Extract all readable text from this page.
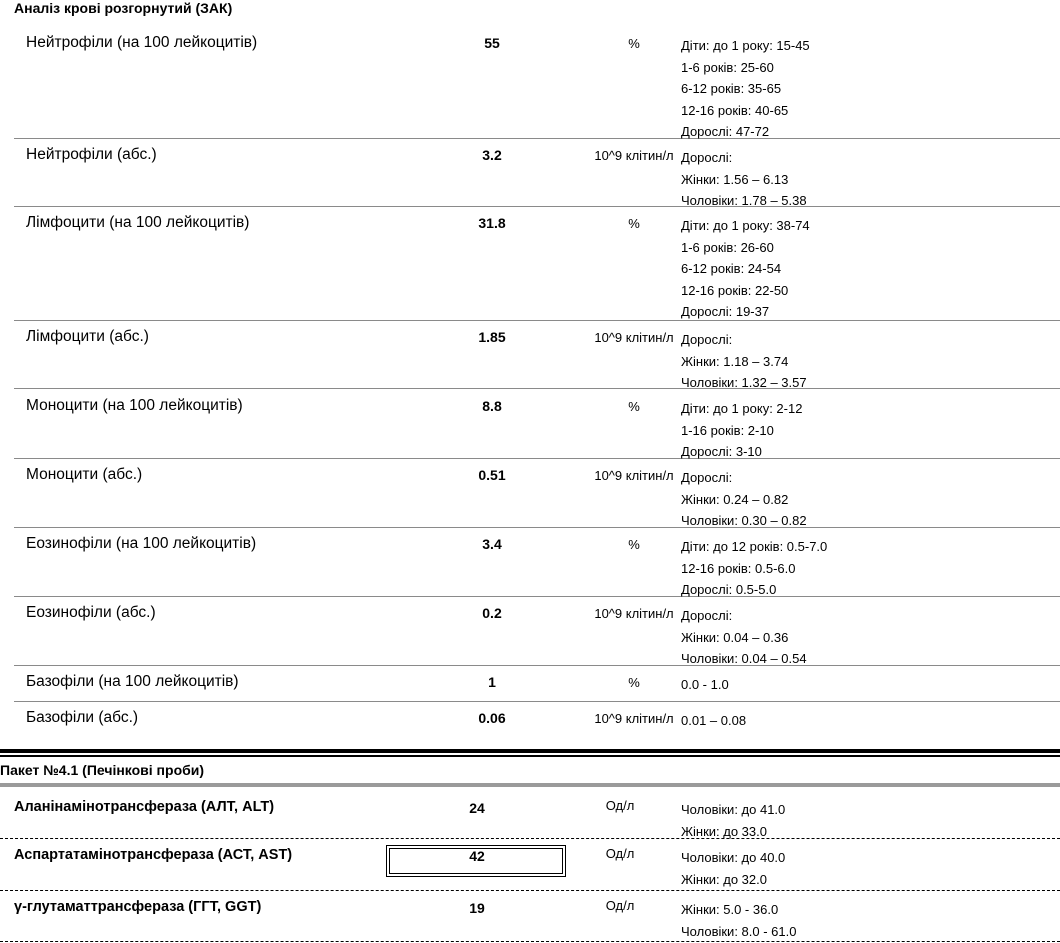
Аналіз крові розгорнутий (ЗАК)
Нейтрофіли (на 100 лейкоцитів)	55	%	Діти: до 1 року: 15-45
1-6 років: 25-60
6-12 років: 35-65
12-16 років: 40-65
Дорослі: 47-72
Нейтрофіли (абс.)	3.2	10^9 клітин/л Дорослі:
Жінки: 1.56 – 6.13
Чоловіки: 1.78 – 5.38
Лімфоцити (на 100 лейкоцитів)	31.8	%	Діти: до 1 року: 38-74
1-6 років: 26-60
6-12 років: 24-54
12-16 років: 22-50
Дорослі: 19-37
Лімфоцити (абс.)	1.85	10^9 клітин/л Дорослі:
Жінки: 1.18 – 3.74
Чоловіки: 1.32 – 3.57
Моноцити (на 100 лейкоцитів)	8.8	%	Діти: до 1 року: 2-12
1-16 років: 2-10
Дорослі: 3-10
Моноцити (абс.)	0.51	10^9 клітин/л Дорослі:
Жінки: 0.24 – 0.82
Чоловіки: 0.30 – 0.82
Еозинофіли (на 100 лейкоцитів)	3.4	%	Діти: до 12 років: 0.5-7.0
12-16 років: 0.5-6.0
Дорослі: 0.5-5.0
Еозинофіли (абс.)	0.2	10^9 клітин/л Дорослі:
Жінки: 0.04 – 0.36
Чоловіки: 0.04 – 0.54
Базофіли (на 100 лейкоцитів)	1	%	0.0 - 1.0
Базофіли (абс.)	0.06	10^9 клітин/л 0.01 – 0.08
Пакет №4.1 (Печінкові проби)
Аланінамінотрансфераза (АЛТ, ALT)	24	Од/л	Чоловіки: до 41.0
Жінки: до 33.0
Аспартатамінотрансфераза (АСТ, AST)	42	Од/л	Чоловіки: до 40.0
Жінки: до 32.0
γ-глутаматтрансфераза (ГГТ, GGT)	19	Од/л	Жінки: 5.0 - 36.0
Чоловіки: 8.0 - 61.0
